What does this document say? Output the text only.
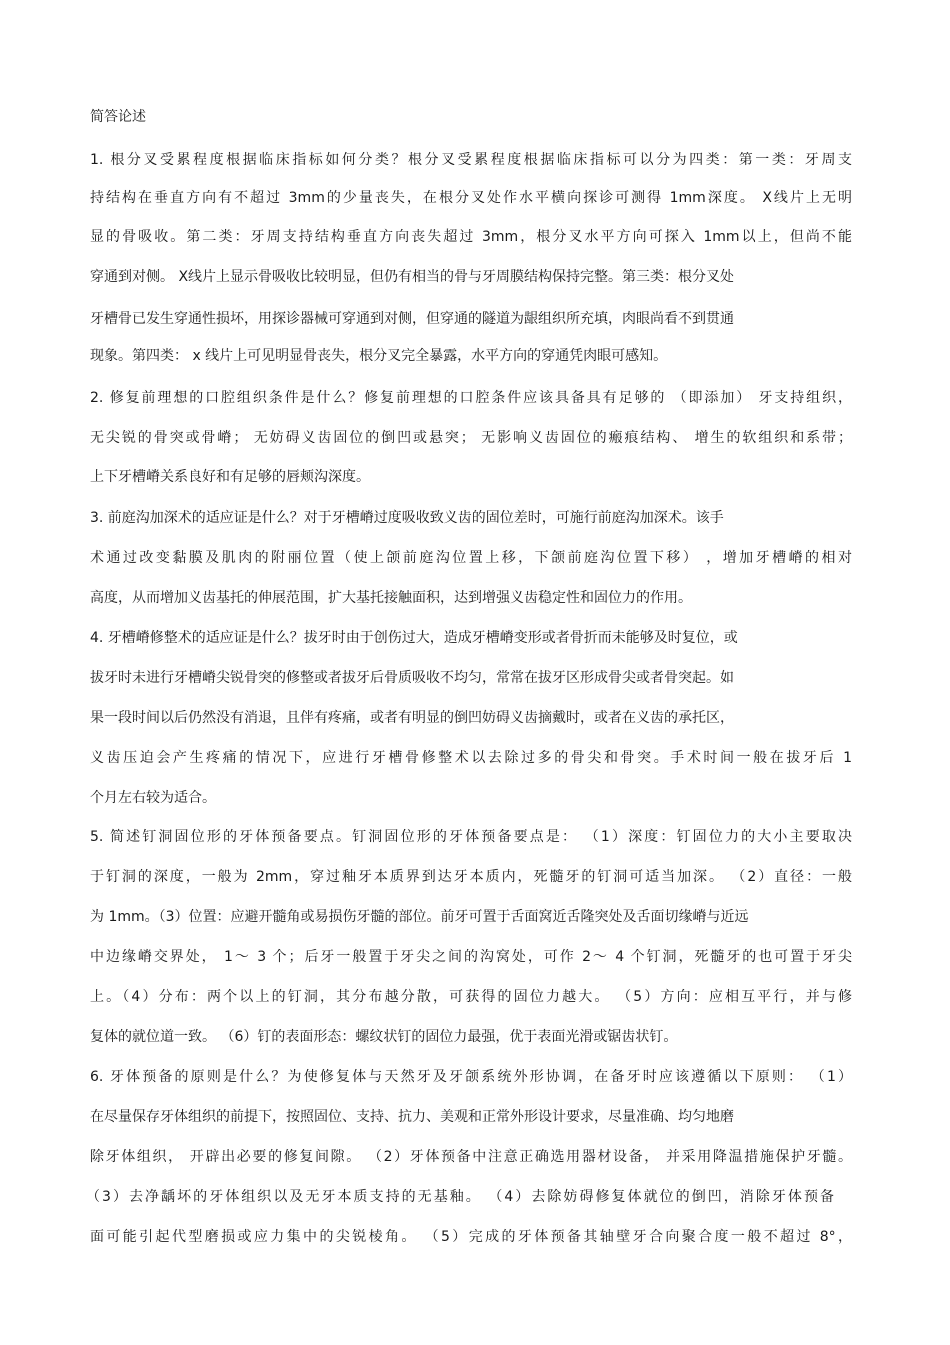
简答论述
1. 根分叉受累程度根据临床指标如何分类？根分叉受累程度根据临床指标可以分为四类：第一类：牙周支
持结构在垂直方向有不超过 3mm的少量丧失，在根分叉处作水平横向探诊可测得 1mm深度。 X线片上无明
显的骨吸收。第二类：牙周支持结构垂直方向丧失超过 3mm，根分叉水平方向可探入 1mm以上，但尚不能
穿通到对侧。 X线片上显示骨吸收比较明显，但仍有相当的骨与牙周膜结构保持完整。第三类：根分叉处
牙槽骨已发生穿通性损坏，用探诊器械可穿通到对侧，但穿通的隧道为龈组织所充填，肉眼尚看不到贯通
现象。第四类： x 线片上可见明显骨丧失，根分叉完全暴露，水平方向的穿通凭肉眼可感知。
2. 修复前理想的口腔组织条件是什么？修复前理想的口腔条件应该具备具有足够的 （即添加） 牙支持组织，
无尖锐的骨突或骨嵴； 无妨碍义齿固位的倒凹或悬突； 无影响义齿固位的瘢痕结构、 增生的软组织和系带；
上下牙槽嵴关系良好和有足够的唇颊沟深度。
3. 前庭沟加深术的适应证是什么？对于牙槽嵴过度吸收致义齿的固位差时，可施行前庭沟加深术。该手
术通过改变黏膜及肌肉的附丽位置（使上颌前庭沟位置上移，下颌前庭沟位置下移） ，增加牙槽嵴的相对
高度，从而增加义齿基托的伸展范围，扩大基托接触面积，达到增强义齿稳定性和固位力的作用。
4. 牙槽嵴修整术的适应证是什么？拔牙时由于创伤过大，造成牙槽嵴变形或者骨折而未能够及时复位，或
拔牙时未进行牙槽嵴尖锐骨突的修整或者拔牙后骨质吸收不均匀，常常在拔牙区形成骨尖或者骨突起。如
果一段时间以后仍然没有消退，且伴有疼痛，或者有明显的倒凹妨碍义齿摘戴时，或者在义齿的承托区，
义齿压迫会产生疼痛的情况下，应进行牙槽骨修整术以去除过多的骨尖和骨突。手术时间一般在拔牙后 1
个月左右较为适合。
5. 简述钉洞固位形的牙体预备要点。钉洞固位形的牙体预备要点是： （1）深度：钉固位力的大小主要取决
于钉洞的深度，一般为 2mm，穿过釉牙本质界到达牙本质内，死髓牙的钉洞可适当加深。 （2）直径：一般
为 1mm。（3）位置：应避开髓角或易损伤牙髓的部位。前牙可置于舌面窝近舌隆突处及舌面切缘嵴与近远
中边缘嵴交界处， 1～ 3 个；后牙一般置于牙尖之间的沟窝处，可作 2～ 4 个钉洞，死髓牙的也可置于牙尖
上。（4）分布：两个以上的钉洞，其分布越分散，可获得的固位力越大。 （5）方向：应相互平行，并与修
复体的就位道一致。 （6）钉的表面形态：螺纹状钉的固位力最强，优于表面光滑或锯齿状钉。
6. 牙体预备的原则是什么？为使修复体与天然牙及牙颌系统外形协调，在备牙时应该遵循以下原则： （1）
在尽量保存牙体组织的前提下，按照固位、支持、抗力、美观和正常外形设计要求，尽量准确、均匀地磨
除牙体组织， 开辟出必要的修复间隙。 （2）牙体预备中注意正确选用器材设备， 并采用降温措施保护牙髓。
（3）去净龋坏的牙体组织以及无牙本质支持的无基釉。 （4）去除妨碍修复体就位的倒凹，消除牙体预备
面可能引起代型磨损或应力集中的尖锐棱角。 （5）完成的牙体预备其轴壁牙合向聚合度一般不超过 8°，
